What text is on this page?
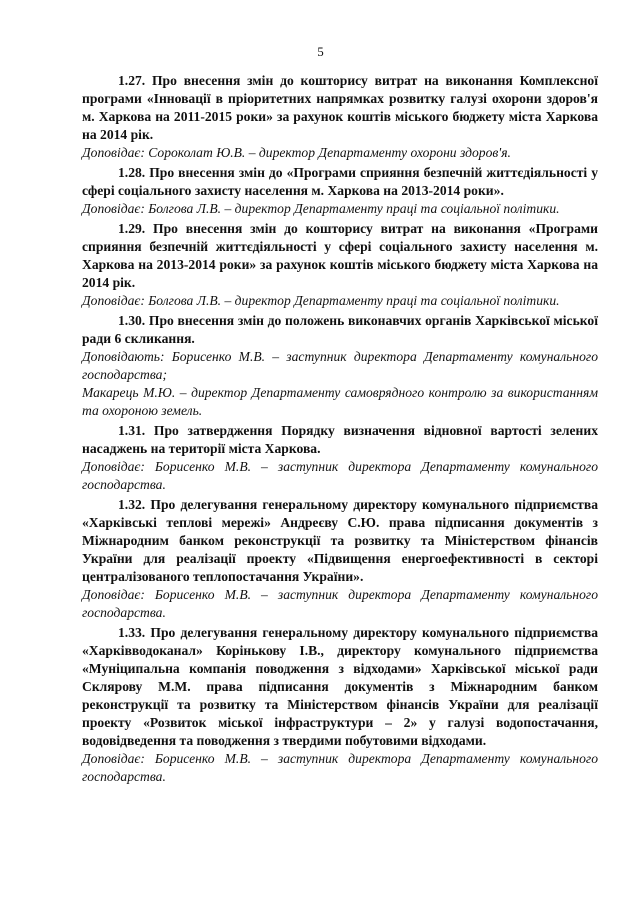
5

1.27. Про внесення змін до кошторису витрат на виконання Комплексної програми «Інновації в пріоритетних напрямках розвитку галузі охорони здоров'я м. Харкова на 2011-2015 роки» за рахунок коштів міського бюджету міста Харкова на 2014 рік.

Доповідає: Сороколат Ю.В. – директор Департаменту охорони здоров'я.

1.28. Про внесення змін до «Програми сприяння безпечній життєдіяльності у сфері соціального захисту населення м. Харкова на 2013-2014 роки».

Доповідає: Болгова Л.В. – директор Департаменту праці та соціальної політики.

1.29. Про внесення змін до кошторису витрат на виконання «Програми сприяння безпечній життєдіяльності у сфері соціального захисту населення м. Харкова на 2013-2014 роки» за рахунок коштів міського бюджету міста Харкова на 2014 рік.

Доповідає: Болгова Л.В. – директор Департаменту праці та соціальної політики.

1.30. Про внесення змін до положень виконавчих органів Харківської міської ради 6 скликання.

Доповідають: Борисенко М.В. – заступник директора Департаменту комунального господарства;

Макарець М.Ю. – директор Департаменту самоврядного контролю за використанням та охороною земель.

1.31. Про затвердження Порядку визначення відновної вартості зелених насаджень на території міста Харкова.

Доповідає: Борисенко М.В. – заступник директора Департаменту комунального господарства.

1.32. Про делегування генеральному директору комунального підприємства «Харківські теплові мережі» Андреєву С.Ю. права підписання документів з Міжнародним банком реконструкції та розвитку та Міністерством фінансів України для реалізації проекту «Підвищення енергоефективності в секторі централізованого теплопостачання України».

Доповідає: Борисенко М.В. – заступник директора Департаменту комунального господарства.

1.33. Про делегування генеральному директору комунального підприємства «Харківводоканал» Корінькову І.В., директору комунального підприємства «Муніципальна компанія поводження з відходами» Харківської міської ради Склярову М.М. права підписання документів з Міжнародним банком реконструкції та розвитку та Міністерством фінансів України для реалізації проекту «Розвиток міської інфраструктури – 2» у галузі водопостачання, водовідведення та поводження з твердими побутовими відходами.

Доповідає: Борисенко М.В. – заступник директора Департаменту комунального господарства.
